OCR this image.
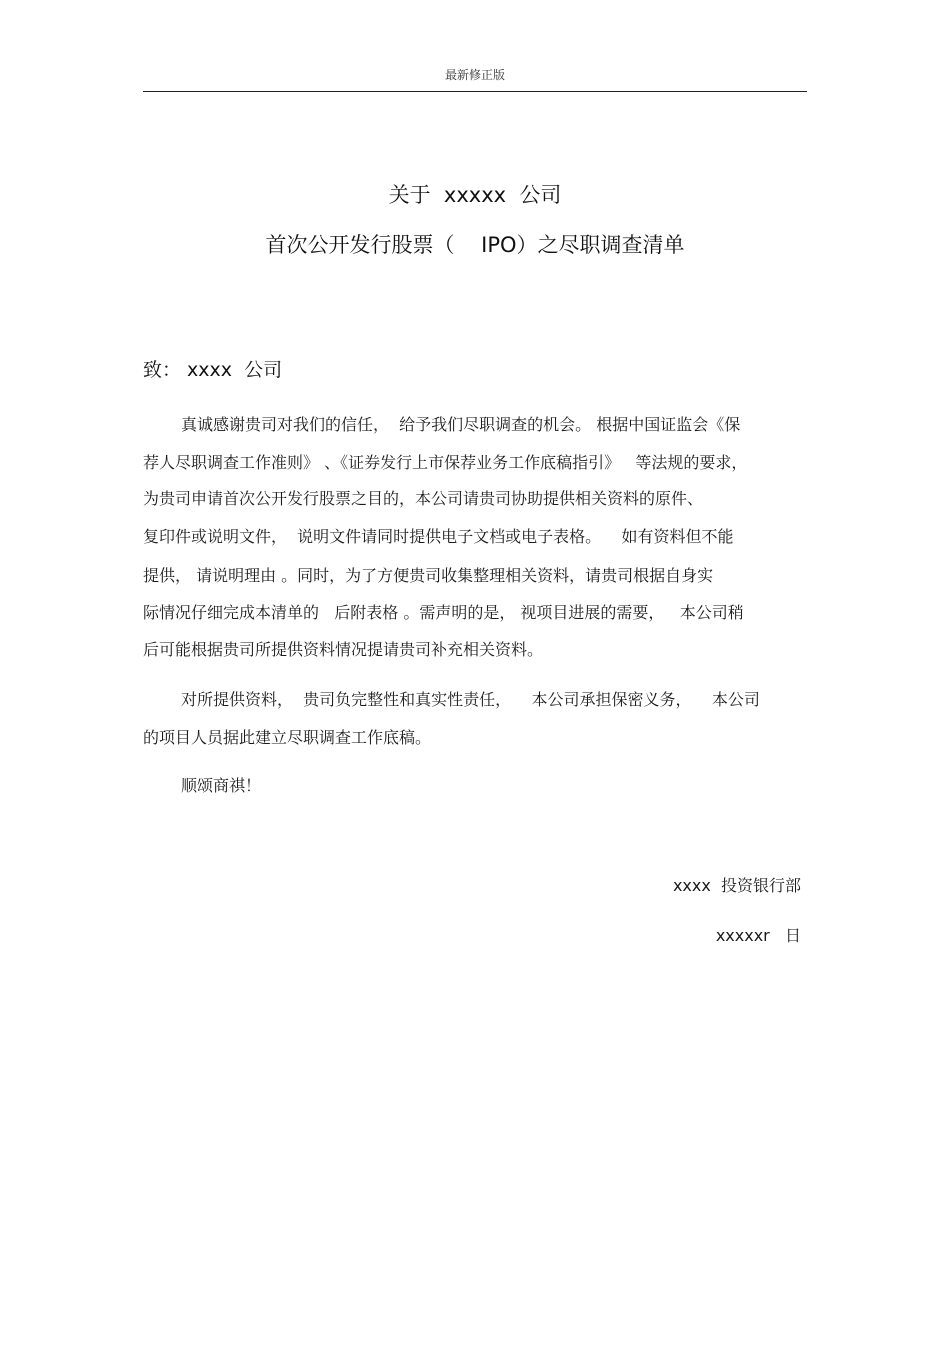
最新修正版
关于  xxxxx  公司
首次公开发行股票（    IPO）之尽职调查清单
致： xxxx  公司
真诚感谢贵司对我们的信任，  给予我们尽职调查的机会。 根据中国证监会《保
荐人尽职调查工作准则》 、《证券发行上市保荐业务工作底稿指引》   等法规的要求，
为贵司申请首次公开发行股票之目的，本公司请贵司协助提供相关资料的原件、
复印件或说明文件，  说明文件请同时提供电子文档或电子表格。    如有资料但不能
提供， 请说明理由 。同时，为了方便贵司收集整理相关资料，请贵司根据自身实
际情况仔细完成本清单的   后附表格 。需声明的是， 视项目进展的需要，   本公司稍
后可能根据贵司所提供资料情况提请贵司补充相关资料。
对所提供资料，  贵司负完整性和真实性责任，    本公司承担保密义务，    本公司
的项目人员据此建立尽职调查工作底稿。
顺颂商祺！
xxxx  投资银行部
xxxxxr   日
